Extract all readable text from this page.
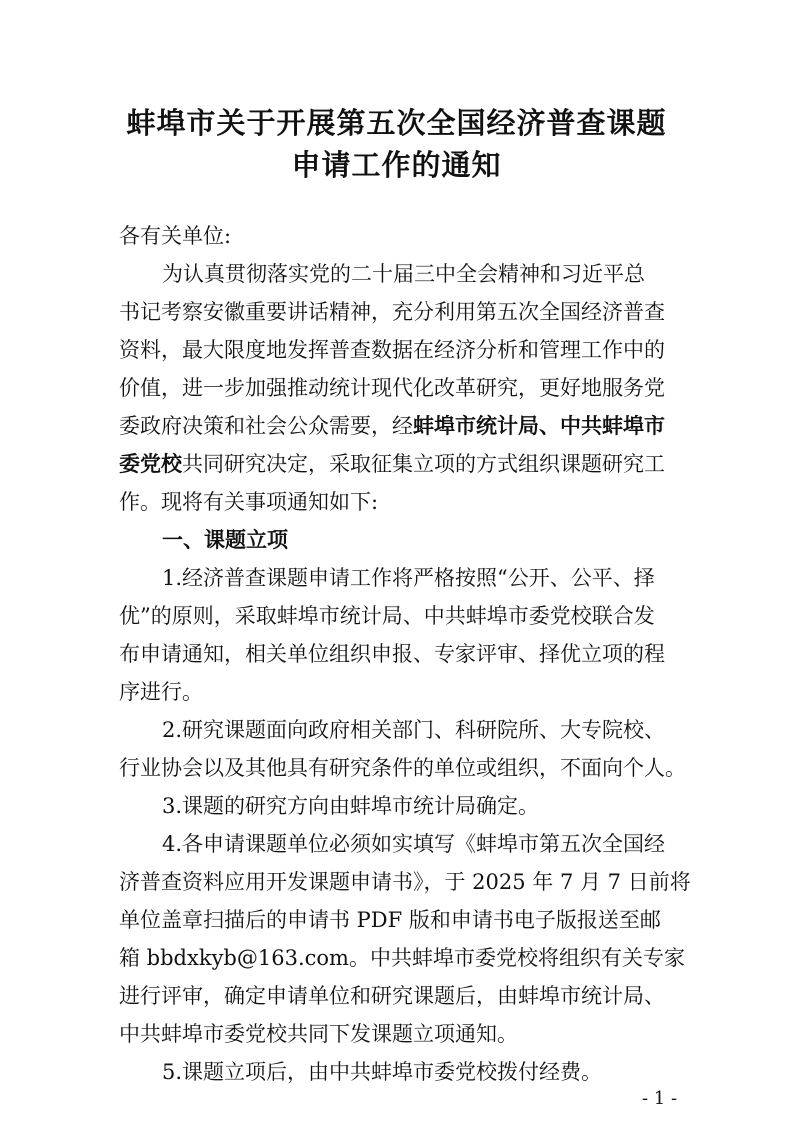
蚌埠市关于开展第五次全国经济普查课题
申请工作的通知
各有关单位:
为认真贯彻落实党的二十届三中全会精神和习近平总
书记考察安徽重要讲话精神，充分利用第五次全国经济普查
资料，最大限度地发挥普查数据在经济分析和管理工作中的
价值，进一步加强推动统计现代化改革研究，更好地服务党
委政府决策和社会公众需要，经蚌埠市统计局、中共蚌埠市
委党校共同研究决定，采取征集立项的方式组织课题研究工
作。现将有关事项通知如下:
一、课题立项
1.经济普查课题申请工作将严格按照“公开、公平、择
优”的原则，采取蚌埠市统计局、中共蚌埠市委党校联合发
布申请通知，相关单位组织申报、专家评审、择优立项的程
序进行。
2.研究课题面向政府相关部门、科研院所、大专院校、
行业协会以及其他具有研究条件的单位或组织，不面向个人。
3.课题的研究方向由蚌埠市统计局确定。
4.各申请课题单位必须如实填写《蚌埠市第五次全国经
济普查资料应用开发课题申请书》，于 2025 年 7 月 7 日前将
单位盖章扫描后的申请书 PDF 版和申请书电子版报送至邮
箱 bbdxkyb@163.com。中共蚌埠市委党校将组织有关专家
进行评审，确定申请单位和研究课题后，由蚌埠市统计局、
中共蚌埠市委党校共同下发课题立项通知。
5.课题立项后，由中共蚌埠市委党校拨付经费。
- 1 -
